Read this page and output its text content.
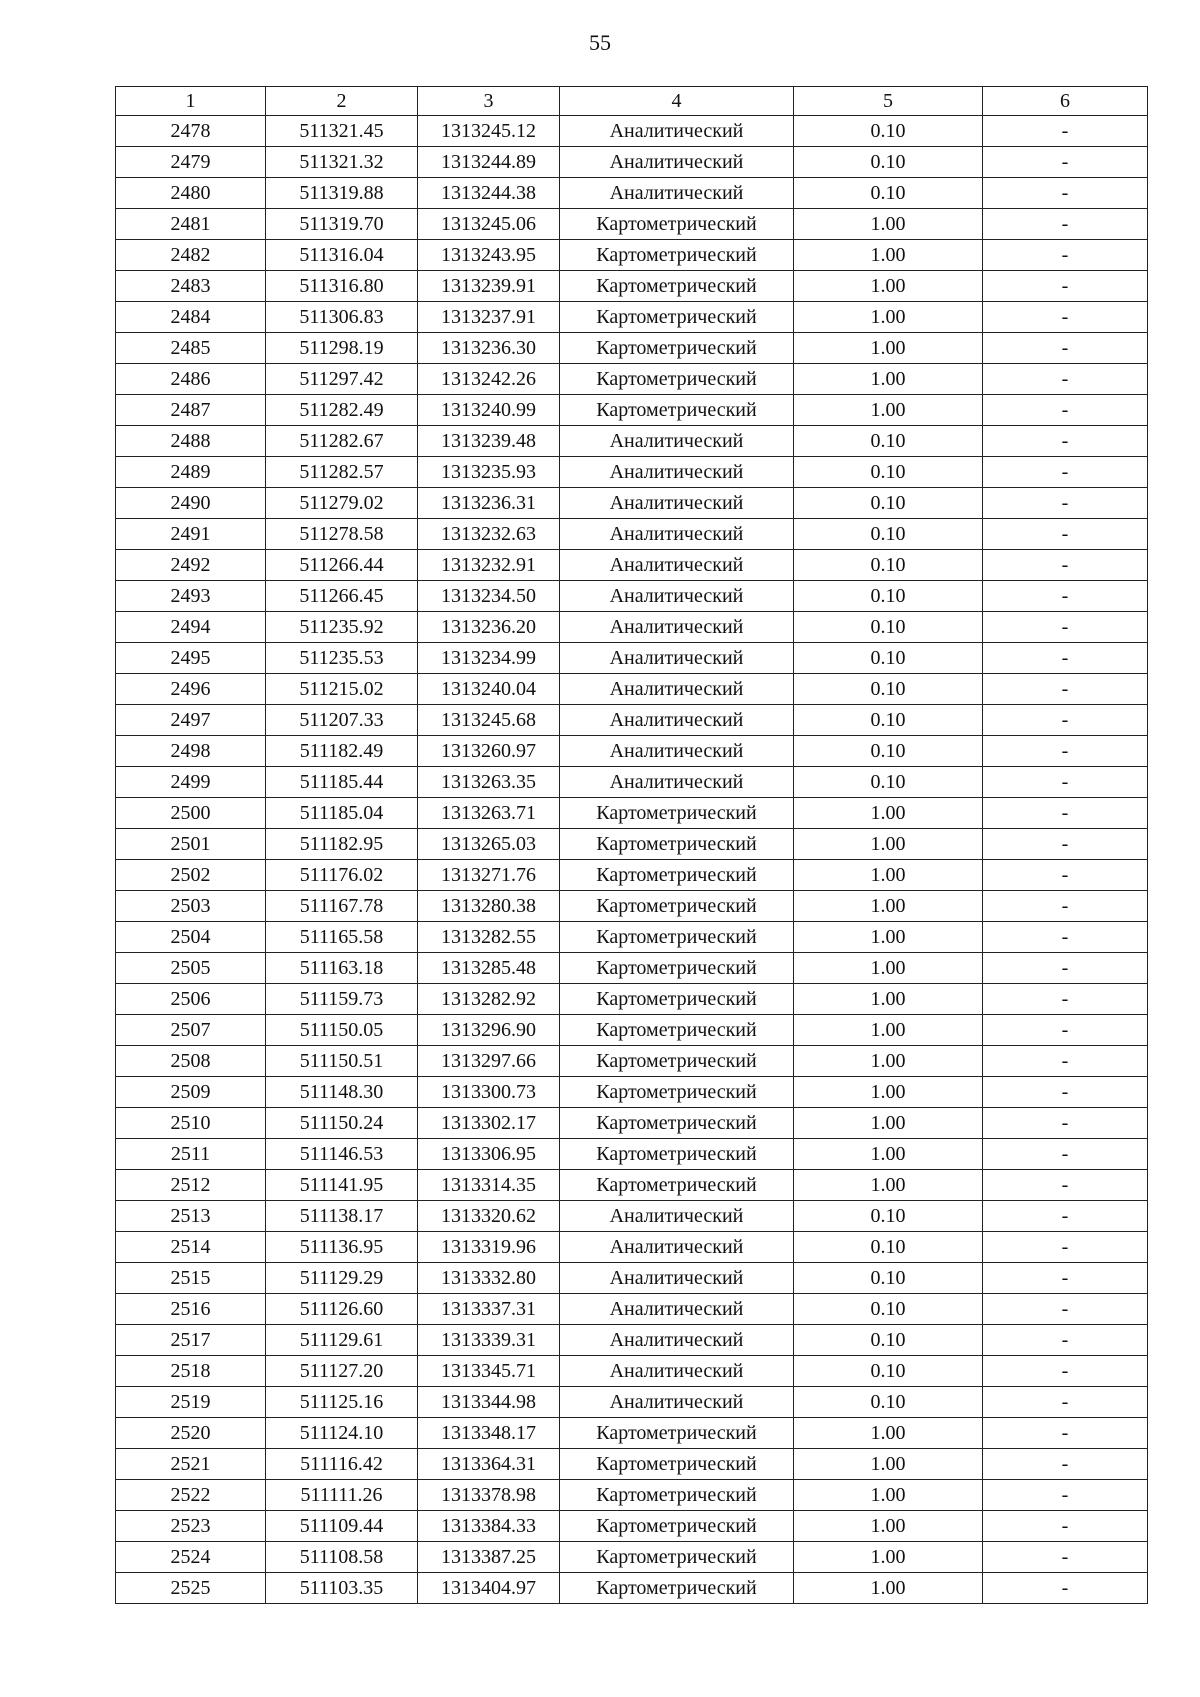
55
1	2	3	4	5	6
2478	511321.45	1313245.12	Аналитический	0.10	-
2479	511321.32	1313244.89	Аналитический	0.10	-
2480	511319.88	1313244.38	Аналитический	0.10	-
2481	511319.70	1313245.06	Картометрический	1.00	-
2482	511316.04	1313243.95	Картометрический	1.00	-
2483	511316.80	1313239.91	Картометрический	1.00	-
2484	511306.83	1313237.91	Картометрический	1.00	-
2485	511298.19	1313236.30	Картометрический	1.00	-
2486	511297.42	1313242.26	Картометрический	1.00	-
2487	511282.49	1313240.99	Картометрический	1.00	-
2488	511282.67	1313239.48	Аналитический	0.10	-
2489	511282.57	1313235.93	Аналитический	0.10	-
2490	511279.02	1313236.31	Аналитический	0.10	-
2491	511278.58	1313232.63	Аналитический	0.10	-
2492	511266.44	1313232.91	Аналитический	0.10	-
2493	511266.45	1313234.50	Аналитический	0.10	-
2494	511235.92	1313236.20	Аналитический	0.10	-
2495	511235.53	1313234.99	Аналитический	0.10	-
2496	511215.02	1313240.04	Аналитический	0.10	-
2497	511207.33	1313245.68	Аналитический	0.10	-
2498	511182.49	1313260.97	Аналитический	0.10	-
2499	511185.44	1313263.35	Аналитический	0.10	-
2500	511185.04	1313263.71	Картометрический	1.00	-
2501	511182.95	1313265.03	Картометрический	1.00	-
2502	511176.02	1313271.76	Картометрический	1.00	-
2503	511167.78	1313280.38	Картометрический	1.00	-
2504	511165.58	1313282.55	Картометрический	1.00	-
2505	511163.18	1313285.48	Картометрический	1.00	-
2506	511159.73	1313282.92	Картометрический	1.00	-
2507	511150.05	1313296.90	Картометрический	1.00	-
2508	511150.51	1313297.66	Картометрический	1.00	-
2509	511148.30	1313300.73	Картометрический	1.00	-
2510	511150.24	1313302.17	Картометрический	1.00	-
2511	511146.53	1313306.95	Картометрический	1.00	-
2512	511141.95	1313314.35	Картометрический	1.00	-
2513	511138.17	1313320.62	Аналитический	0.10	-
2514	511136.95	1313319.96	Аналитический	0.10	-
2515	511129.29	1313332.80	Аналитический	0.10	-
2516	511126.60	1313337.31	Аналитический	0.10	-
2517	511129.61	1313339.31	Аналитический	0.10	-
2518	511127.20	1313345.71	Аналитический	0.10	-
2519	511125.16	1313344.98	Аналитический	0.10	-
2520	511124.10	1313348.17	Картометрический	1.00	-
2521	511116.42	1313364.31	Картометрический	1.00	-
2522	511111.26	1313378.98	Картометрический	1.00	-
2523	511109.44	1313384.33	Картометрический	1.00	-
2524	511108.58	1313387.25	Картометрический	1.00	-
2525	511103.35	1313404.97	Картометрический	1.00	-
